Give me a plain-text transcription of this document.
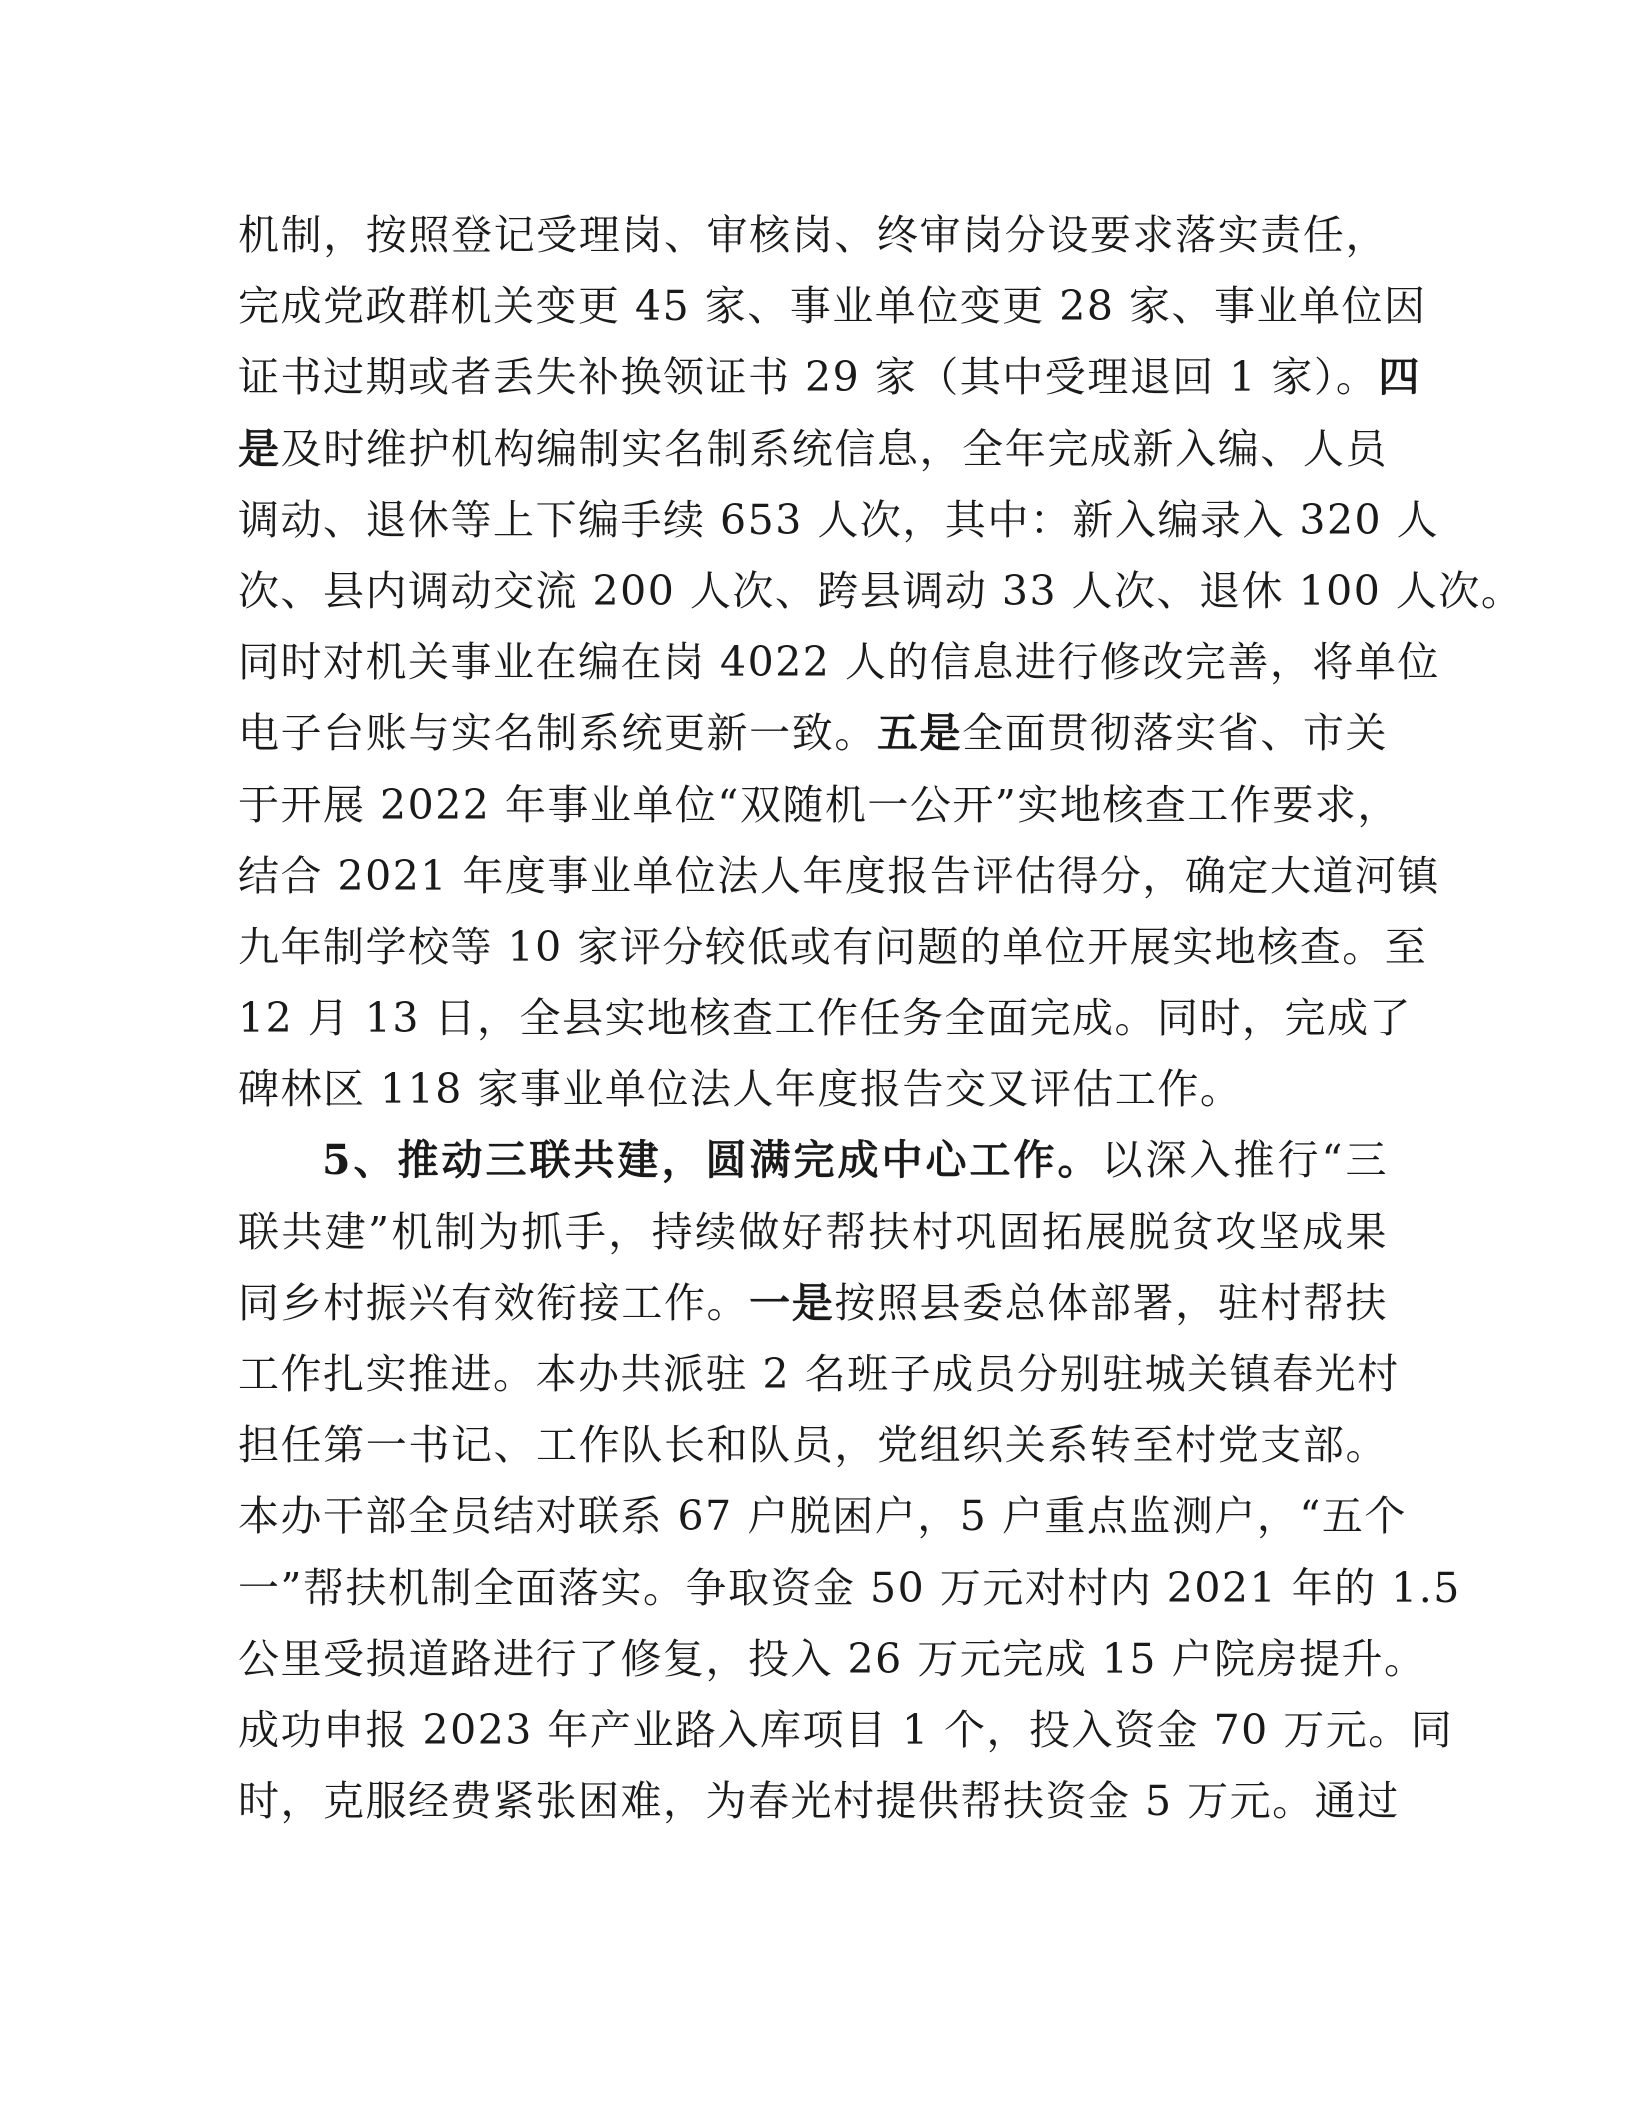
机制，按照登记受理岗、审核岗、终审岗分设要求落实责任，
完成党政群机关变更 45 家、事业单位变更 28 家、事业单位因
证书过期或者丢失补换领证书 29 家（其中受理退回 1 家）。四
是及时维护机构编制实名制系统信息，全年完成新入编、人员
调动、退休等上下编手续 653 人次，其中：新入编录入 320 人
次、县内调动交流 200 人次、跨县调动 33 人次、退休 100 人次。
同时对机关事业在编在岗 4022 人的信息进行修改完善，将单位
电子台账与实名制系统更新一致。五是全面贯彻落实省、市关
于开展 2022 年事业单位“双随机一公开”实地核查工作要求，
结合 2021 年度事业单位法人年度报告评估得分，确定大道河镇
九年制学校等 10 家评分较低或有问题的单位开展实地核查。至
12 月 13 日，全县实地核查工作任务全面完成。同时，完成了
碑林区 118 家事业单位法人年度报告交叉评估工作。
5、推动三联共建，圆满完成中心工作。以深入推行“三
联共建”机制为抓手，持续做好帮扶村巩固拓展脱贫攻坚成果
同乡村振兴有效衔接工作。一是按照县委总体部署，驻村帮扶
工作扎实推进。本办共派驻 2 名班子成员分别驻城关镇春光村
担任第一书记、工作队长和队员，党组织关系转至村党支部。
本办干部全员结对联系 67 户脱困户，5 户重点监测户，“五个
一”帮扶机制全面落实。争取资金 50 万元对村内 2021 年的 1.5
公里受损道路进行了修复，投入 26 万元完成 15 户院房提升。
成功申报 2023 年产业路入库项目 1 个，投入资金 70 万元。同
时，克服经费紧张困难，为春光村提供帮扶资金 5 万元。通过
